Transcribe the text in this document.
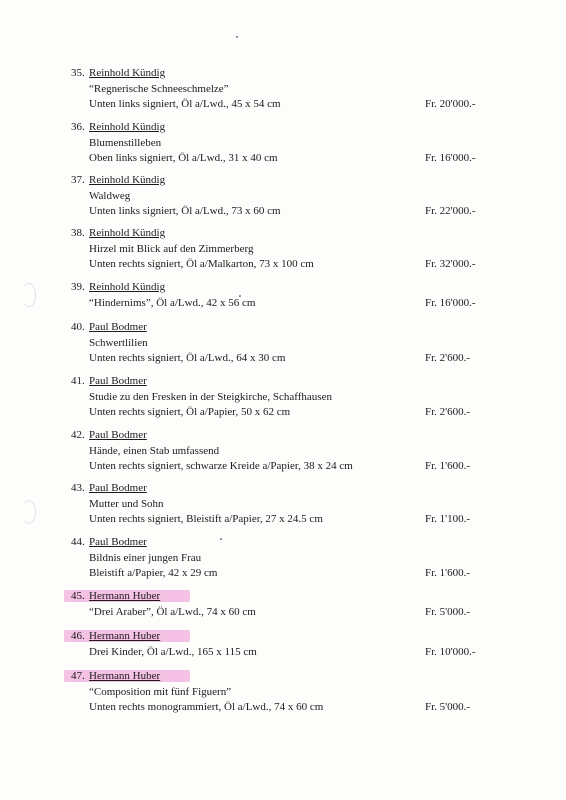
35. Reinhold Kündig
“Regnerische Schneeschmelze”
Unten links signiert, Öl a/Lwd., 45 x 54 cm	Fr. 20'000.-
36. Reinhold Kündig
Blumenstilleben
Oben links signiert, Öl a/Lwd., 31 x 40 cm	Fr. 16'000.-
37. Reinhold Kündig
Waldweg
Unten links signiert, Öl a/Lwd., 73 x 60 cm	Fr. 22'000.-
38. Reinhold Kündig
Hirzel mit Blick auf den Zimmerberg
Unten rechts signiert, Öl a/Malkarton, 73 x 100 cm	Fr. 32'000.-
39. Reinhold Kündig
“Hindernims”, Öl a/Lwd., 42 x 56 cm	Fr. 16'000.-
40. Paul Bodmer
Schwertlilien
Unten rechts signiert, Öl a/Lwd., 64 x 30 cm	Fr. 2'600.-
41. Paul Bodmer
Studie zu den Fresken in der Steigkirche, Schaffhausen
Unten rechts signiert, Öl a/Papier, 50 x 62 cm	Fr. 2'600.-
42. Paul Bodmer
Hände, einen Stab umfassend
Unten rechts signiert, schwarze Kreide a/Papier, 38 x 24 cm	Fr. 1'600.-
43. Paul Bodmer
Mutter und Sohn
Unten rechts signiert, Bleistift a/Papier, 27 x 24.5 cm	Fr. 1'100.-
44. Paul Bodmer
Bildnis einer jungen Frau
Bleistift a/Papier, 42 x 29 cm	Fr. 1'600.-
45. Hermann Huber
“Drei Araber”, Öl a/Lwd., 74 x 60 cm	Fr. 5'000.-
46. Hermann Huber
Drei Kinder, Öl a/Lwd., 165 x 115 cm	Fr. 10'000.-
47. Hermann Huber
“Composition mit fünf Figuern”
Unten rechts monogrammiert, Öl a/Lwd., 74 x 60 cm	Fr. 5'000.-
